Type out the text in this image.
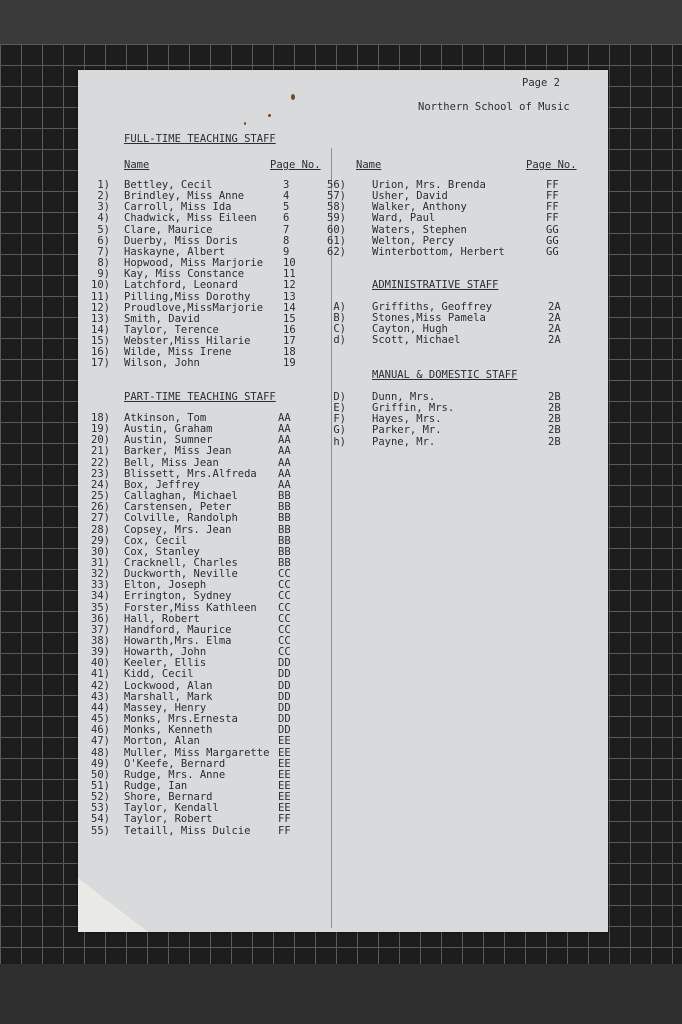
Page 2
Northern School of Music
FULL-TIME TEACHING STAFF
Name	Page No.
1) Bettley, Cecil	3
2) Brindley, Miss Anne	4
3) Carroll, Miss Ida	5
4) Chadwick, Miss Eileen 6
5) Clare, Maurice	7
6) Duerby, Miss Doris	8
7) Haskayne, Albert	9
8) Hopwood, Miss Marjorie 10
9) Kay, Miss Constance	11
10) Latchford, Leonard	12
11) Pilling,Miss Dorothy	13
12) Proudlove,MissMarjorie 14
13) Smith, David	15
14) Taylor, Terence	16
15) Webster,Miss Hilarie	17
16) Wilde, Miss Irene	18
17) Wilson, John	19
PART-TIME TEACHING STAFF
18) Atkinson, Tom	AA
19) Austin, Graham	AA
20) Austin, Sumner	AA
21) Barker, Miss Jean	AA
22) Bell, Miss Jean	AA
23) Blissett, Mrs.Alfreda AA
24) Box, Jeffrey	AA
25) Callaghan, Michael	BB
26) Carstensen, Peter	BB
27) Colville, Randolph	BB
28) Copsey, Mrs. Jean	BB
29) Cox, Cecil	BB
30) Cox, Stanley	BB
31) Cracknell, Charles	BB
32) Duckworth, Neville	CC
33) Elton, Joseph	CC
34) Errington, Sydney	CC
35) Forster,Miss Kathleen CC
36) Hall, Robert	CC
37) Handford, Maurice	CC
38) Howarth,Mrs. Elma	CC
39) Howarth, John	CC
40) Keeler, Ellis	DD
41) Kidd, Cecil	DD
42) Lockwood, Alan	DD
43) Marshall, Mark	DD
44) Massey, Henry	DD
45) Monks, Mrs.Ernesta	DD
46) Monks, Kenneth	DD
47) Morton, Alan	EE
48) Muller, Miss Margarette EE
49) O'Keefe, Bernard	EE
50) Rudge, Mrs. Anne	EE
51) Rudge, Ian	EE
52) Shore, Bernard	EE
53) Taylor, Kendall	EE
54) Taylor, Robert	FF
55) Tetaill, Miss Dulcie	FF
Name	Page No.
56) Urion, Mrs. Brenda	FF
57) Usher, David	FF
58) Walker, Anthony	FF
59) Ward, Paul	FF
60) Waters, Stephen	GG
61) Welton, Percy	GG
62) Winterbottom, Herbert	GG
ADMINISTRATIVE STAFF
A) Griffiths, Geoffrey	2A
B) Stones,Miss Pamela	2A
C) Cayton, Hugh	2A
d) Scott, Michael	2A
MANUAL & DOMESTIC STAFF
D) Dunn, Mrs.	2B
E) Griffin, Mrs.	2B
F) Hayes, Mrs.	2B
G) Parker, Mr.	2B
h) Payne, Mr.	2B
